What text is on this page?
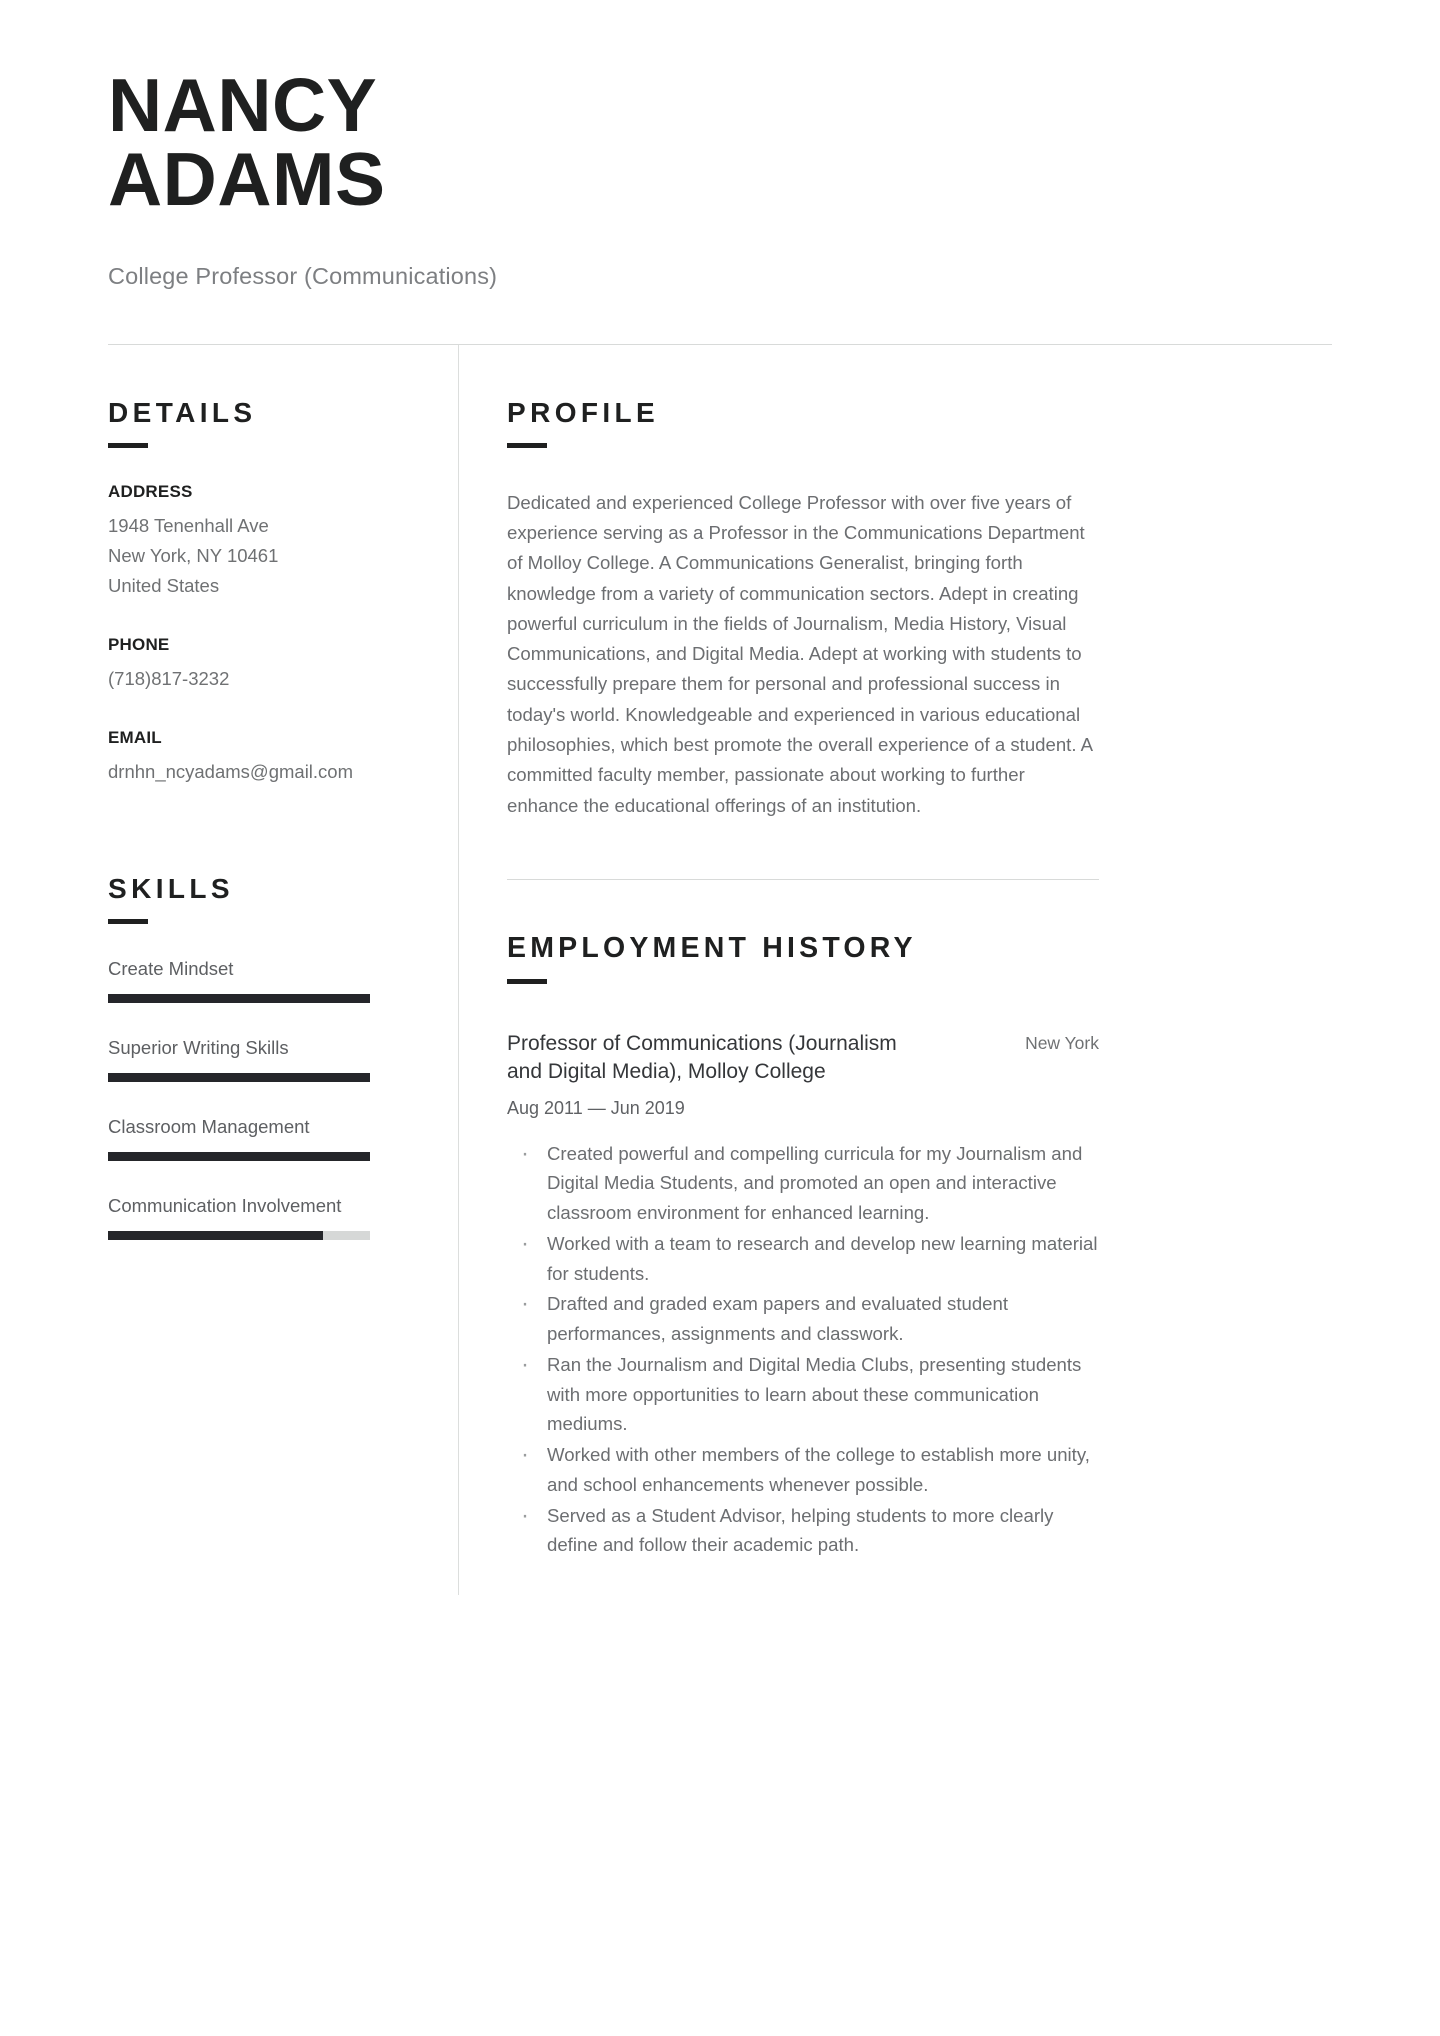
NANCY
ADAMS
College Professor (Communications)
DETAILS
ADDRESS
1948 Tenenhall Ave
New York, NY 10461
United States
PHONE
(718)817-3232
EMAIL
drnhn_ncyadams@gmail.com
SKILLS
Create Mindset
Superior Writing Skills
Classroom Management
Communication Involvement
PROFILE

Dedicated and experienced College Professor with over five years of experience serving as a Professor in the Communications Department of Molloy College. A Communications Generalist, bringing forth knowledge from a variety of communication sectors. Adept in creating powerful curriculum in the fields of Journalism, Media History, Visual Communications, and Digital Media. Adept at working with students to successfully prepare them for personal and professional success in today's world. Knowledgeable and experienced in various educational philosophies, which best promote the overall experience of a student. A committed faculty member, passionate about working to further enhance the educational offerings of an institution.

EMPLOYMENT HISTORY
Professor of Communications (Journalism and Digital Media), Molloy College
New York
Aug 2011 — Jun 2019
· Created powerful and compelling curricula for my Journalism and Digital Media Students, and promoted an open and interactive classroom environment for enhanced learning.
· Worked with a team to research and develop new learning material for students.
· Drafted and graded exam papers and evaluated student performances, assignments and classwork.
· Ran the Journalism and Digital Media Clubs, presenting students with more opportunities to learn about these communication mediums.
· Worked with other members of the college to establish more unity, and school enhancements whenever possible.
· Served as a Student Advisor, helping students to more clearly define and follow their academic path.
